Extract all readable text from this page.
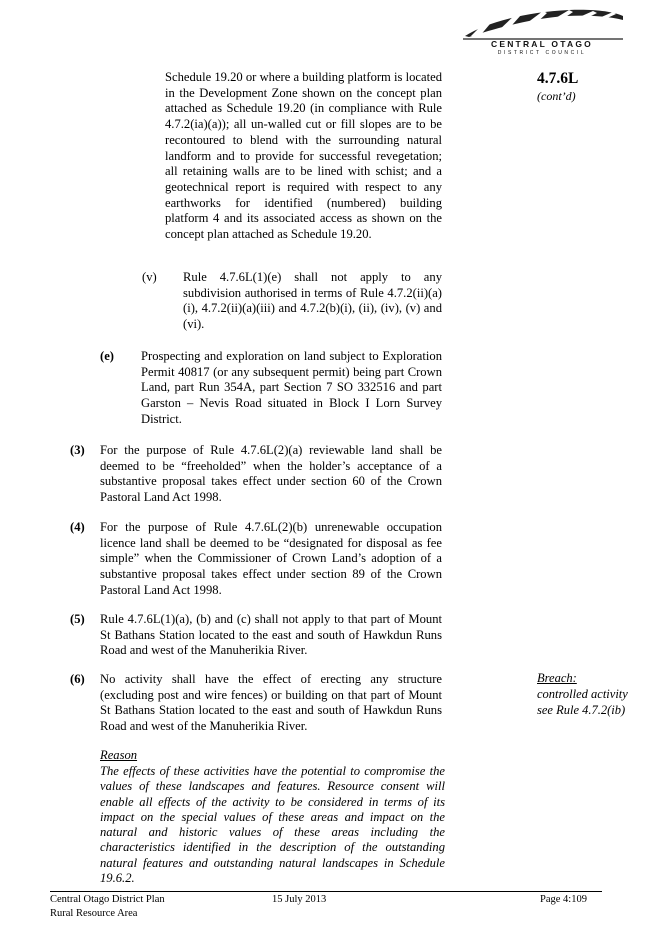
CENTRAL OTAGO
DISTRICT COUNCIL
4.7.6L
(cont’d)
Schedule 19.20 or where a building platform is located in the Development Zone shown on the concept plan attached as Schedule 19.20 (in compliance with Rule 4.7.2(ia)(a)); all un-walled cut or fill slopes are to be recontoured to blend with the surrounding natural landform and to provide for successful revegetation; all retaining walls are to be lined with schist; and a geotechnical report is required with respect to any earthworks for identified (numbered) building platform 4 and its associated access as shown on the concept plan attached as Schedule 19.20.
(v) Rule 4.7.6L(1)(e) shall not apply to any subdivision authorised in terms of Rule 4.7.2(ii)(a)(i), 4.7.2(ii)(a)(iii) and 4.7.2(b)(i), (ii), (iv), (v) and (vi).
(e) Prospecting and exploration on land subject to Exploration Permit 40817 (or any subsequent permit) being part Crown Land, part Run 354A, part Section 7 SO 332516 and part Garston – Nevis Road situated in Block I Lorn Survey District.
(3) For the purpose of Rule 4.7.6L(2)(a) reviewable land shall be deemed to be “freeholded” when the holder’s acceptance of a substantive proposal takes effect under section 60 of the Crown Pastoral Land Act 1998.
(4) For the purpose of Rule 4.7.6L(2)(b) unrenewable occupation licence land shall be deemed to be “designated for disposal as fee simple” when the Commissioner of Crown Land’s adoption of a substantive proposal takes effect under section 89 of the Crown Pastoral Land Act 1998.
(5) Rule 4.7.6L(1)(a), (b) and (c) shall not apply to that part of Mount St Bathans Station located to the east and south of Hawkdun Runs Road and west of the Manuherikia River.
(6) No activity shall have the effect of erecting any structure (excluding post and wire fences) or building on that part of Mount St Bathans Station located to the east and south of Hawkdun Runs Road and west of the Manuherikia River.
Breach:
controlled activity see Rule 4.7.2(ib)
Reason
The effects of these activities have the potential to compromise the values of these landscapes and features. Resource consent will enable all effects of the activity to be considered in terms of its impact on the special values of these areas and impact on the natural and historic values of these areas including the characteristics identified in the description of the outstanding natural features and outstanding natural landscapes in Schedule 19.6.2.
Central Otago District Plan
Rural Resource Area
15 July 2013	Page 4:109
